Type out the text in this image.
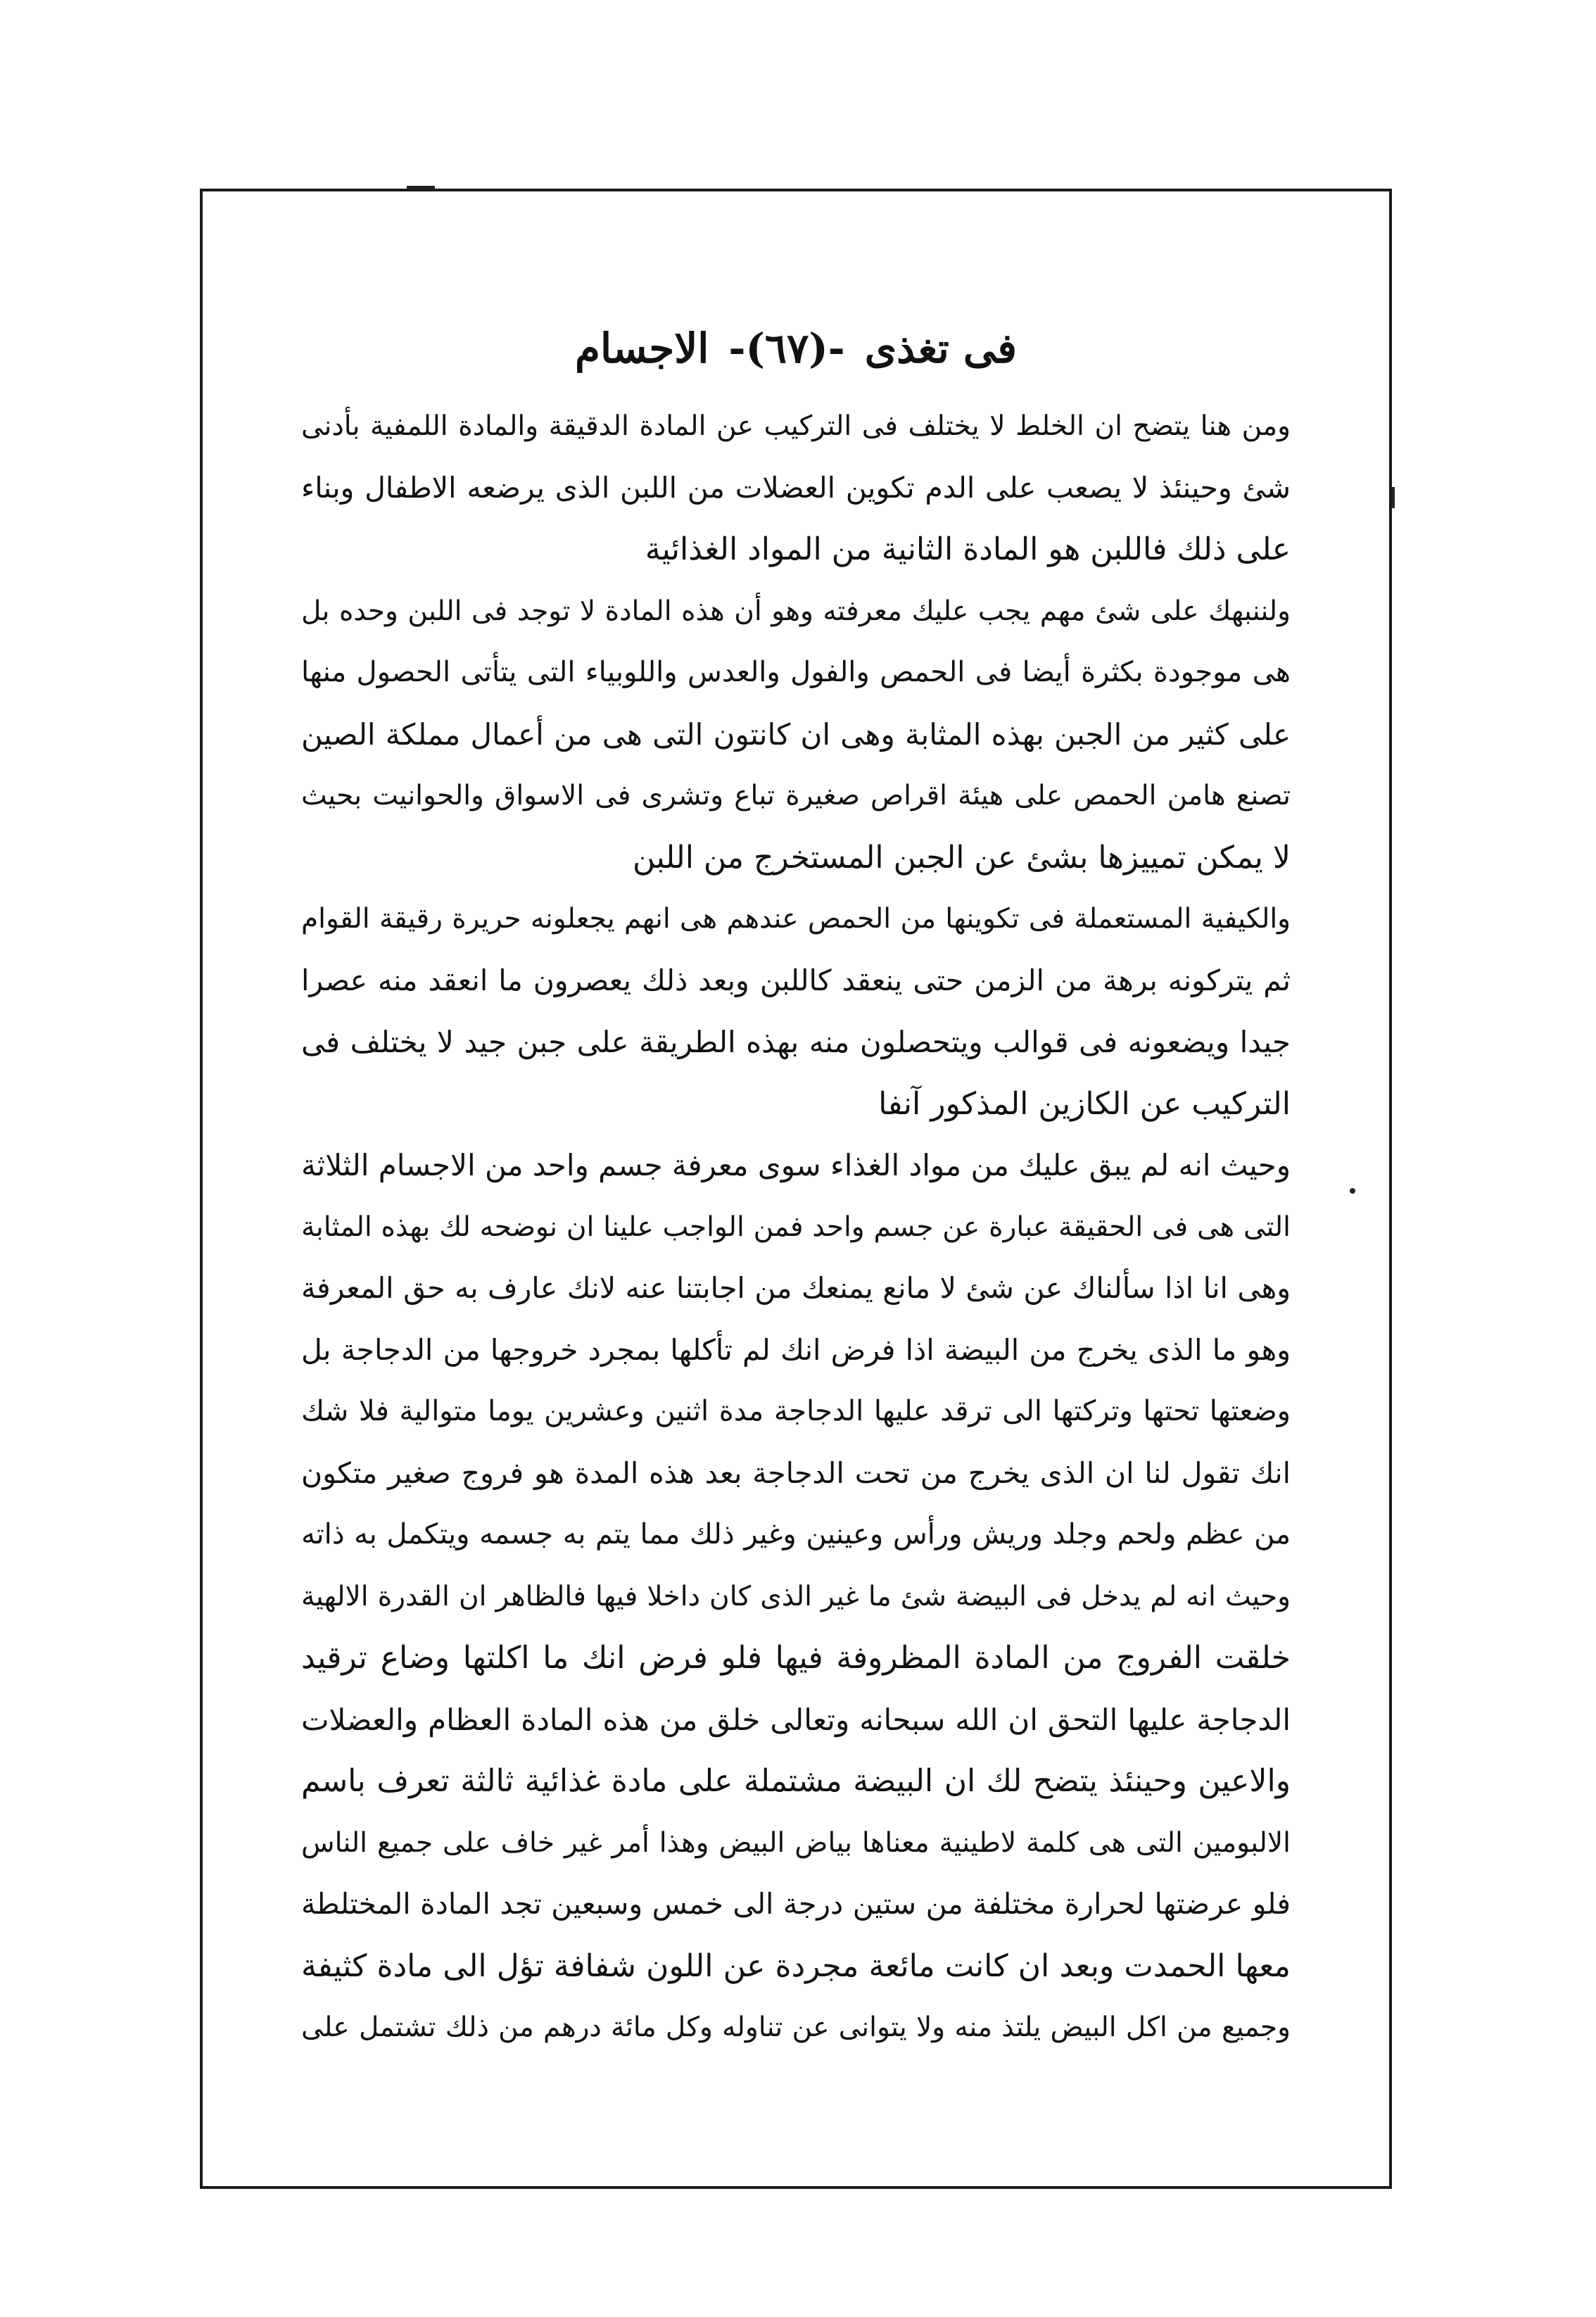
فى تغذى
-(٦٧)-
الاجسام
ومن هنا يتضح ان الخلط لا يختلف فى التركيب عن المادة الدقيقة والمادة اللمفية بأدنى
شئ وحينئذ لا يصعب على الدم تكوين العضلات من اللبن الذى يرضعه الاطفال وبناء
على ذلك فاللبن هو المادة الثانية من المواد الغذائية
ولننبهك على شئ مهم يجب عليك معرفته وهو أن هذه المادة لا توجد فى اللبن وحده بل
هى موجودة بكثرة أيضا فى الحمص والفول والعدس واللوبياء التى يتأتى الحصول منها
على كثير من الجبن بهذه المثابة وهى ان كانتون التى هى من أعمال مملكة الصين
تصنع هامن الحمص على هيئة اقراص صغيرة تباع وتشرى فى الاسواق والحوانيت بحيث
لا يمكن تمييزها بشئ عن الجبن المستخرج من اللبن
والكيفية المستعملة فى تكوينها من الحمص عندهم هى انهم يجعلونه حريرة رقيقة القوام
ثم يتركونه برهة من الزمن حتى ينعقد كاللبن وبعد ذلك يعصرون ما انعقد منه عصرا
جيدا ويضعونه فى قوالب ويتحصلون منه بهذه الطريقة على جبن جيد لا يختلف فى
التركيب عن الكازين المذكور آنفا
وحيث انه لم يبق عليك من مواد الغذاء سوى معرفة جسم واحد من الاجسام الثلاثة
التى هى فى الحقيقة عبارة عن جسم واحد فمن الواجب علينا ان نوضحه لك بهذه المثابة
وهى انا اذا سألناك عن شئ لا مانع يمنعك من اجابتنا عنه لانك عارف به حق المعرفة
وهو ما الذى يخرج من البيضة اذا فرض انك لم تأكلها بمجرد خروجها من الدجاجة بل
وضعتها تحتها وتركتها الى ترقد عليها الدجاجة مدة اثنين وعشرين يوما متوالية فلا شك
انك تقول لنا ان الذى يخرج من تحت الدجاجة بعد هذه المدة هو فروج صغير متكون
من عظم ولحم وجلد وريش ورأس وعينين وغير ذلك مما يتم به جسمه ويتكمل به ذاته
وحيث انه لم يدخل فى البيضة شئ ما غير الذى كان داخلا فيها فالظاهر ان القدرة الالهية
خلقت الفروج من المادة المظروفة فيها فلو فرض انك ما اكلتها وضاع ترقيد
الدجاجة عليها التحق ان الله سبحانه وتعالى خلق من هذه المادة العظام والعضلات
والاعين وحينئذ يتضح لك ان البيضة مشتملة على مادة غذائية ثالثة تعرف باسم
الالبومين التى هى كلمة لاطينية معناها بياض البيض وهذا أمر غير خاف على جميع الناس
فلو عرضتها لحرارة مختلفة من ستين درجة الى خمس وسبعين تجد المادة المختلطة
معها الحمدت وبعد ان كانت مائعة مجردة عن اللون شفافة تؤل الى مادة كثيفة
وجميع من اكل البيض يلتذ منه ولا يتوانى عن تناوله وكل مائة درهم من ذلك تشتمل على
